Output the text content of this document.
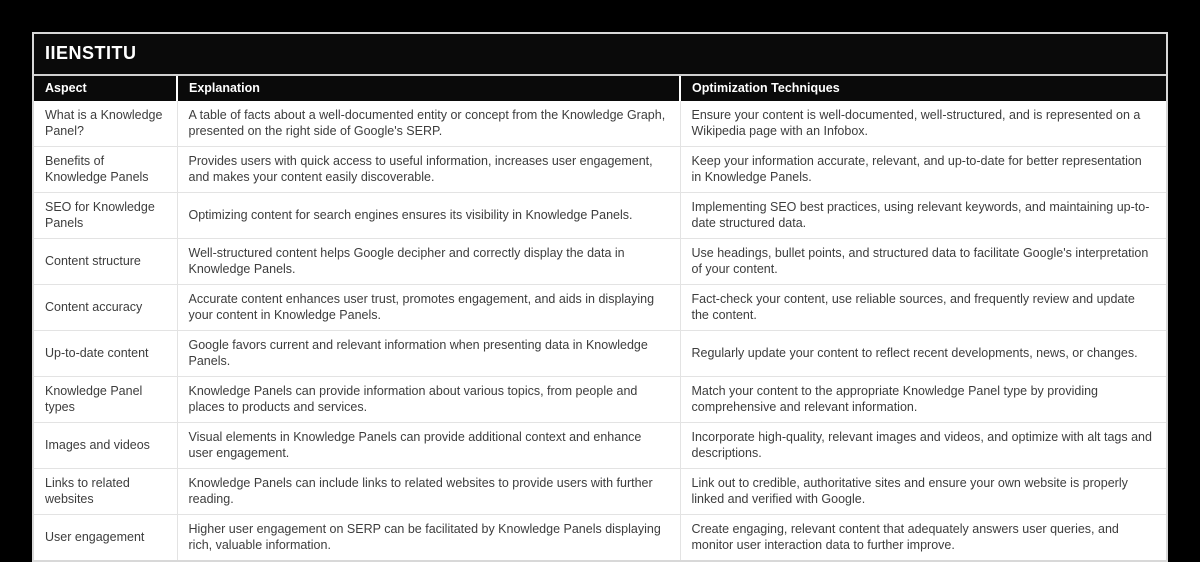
IIENSTITU
Aspect	Explanation	Optimization Techniques
What is a Knowledge Panel?	A table of facts about a well-documented entity or concept from the Knowledge Graph, presented on the right side of Google's SERP.	Ensure your content is well-documented, well-structured, and is represented on a Wikipedia page with an Infobox.
Benefits of Knowledge Panels	Provides users with quick access to useful information, increases user engagement, and makes your content easily discoverable.	Keep your information accurate, relevant, and up-to-date for better representation in Knowledge Panels.
SEO for Knowledge Panels	Optimizing content for search engines ensures its visibility in Knowledge Panels.	Implementing SEO best practices, using relevant keywords, and maintaining up-to-date structured data.
Content structure	Well-structured content helps Google decipher and correctly display the data in Knowledge Panels.	Use headings, bullet points, and structured data to facilitate Google's interpretation of your content.
Content accuracy	Accurate content enhances user trust, promotes engagement, and aids in displaying your content in Knowledge Panels.	Fact-check your content, use reliable sources, and frequently review and update the content.
Up-to-date content	Google favors current and relevant information when presenting data in Knowledge Panels.	Regularly update your content to reflect recent developments, news, or changes.
Knowledge Panel types	Knowledge Panels can provide information about various topics, from people and places to products and services.	Match your content to the appropriate Knowledge Panel type by providing comprehensive and relevant information.
Images and videos	Visual elements in Knowledge Panels can provide additional context and enhance user engagement.	Incorporate high-quality, relevant images and videos, and optimize with alt tags and descriptions.
Links to related websites	Knowledge Panels can include links to related websites to provide users with further reading.	Link out to credible, authoritative sites and ensure your own website is properly linked and verified with Google.
User engagement	Higher user engagement on SERP can be facilitated by Knowledge Panels displaying rich, valuable information.	Create engaging, relevant content that adequately answers user queries, and monitor user interaction data to further improve.
